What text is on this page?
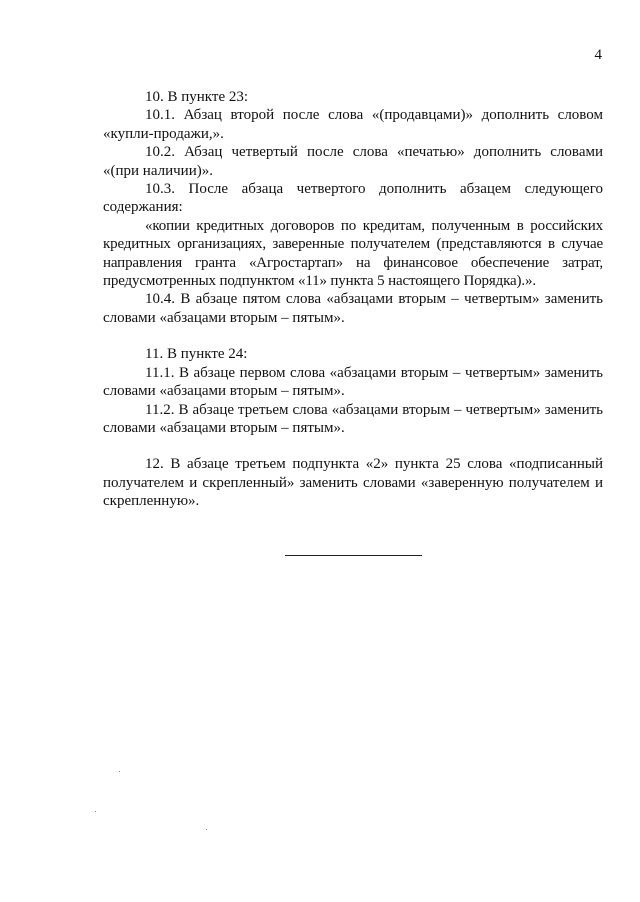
4

10. В пункте 23:

10.1. Абзац второй после слова «(продавцами)» дополнить словом «купли-продажи,».

10.2. Абзац четвертый после слова «печатью» дополнить словами «(при наличии)».

10.3. После абзаца четвертого дополнить абзацем следующего содержания:

«копии кредитных договоров по кредитам, полученным в российских кредитных организациях, заверенные получателем (представляются в случае направления гранта «Агростартап» на финансовое обеспечение затрат, предусмотренных подпунктом «11» пункта 5 настоящего Порядка).».

10.4. В абзаце пятом слова «абзацами вторым – четвертым» заменить словами «абзацами вторым – пятым».

11. В пункте 24:

11.1. В абзаце первом слова «абзацами вторым – четвертым» заменить словами «абзацами вторым – пятым».

11.2. В абзаце третьем слова «абзацами вторым – четвертым» заменить словами «абзацами вторым – пятым».

12. В абзаце третьем подпункта «2» пункта 25 слова «подписанный получателем и скрепленный» заменить словами «заверенную получателем и скрепленную».
